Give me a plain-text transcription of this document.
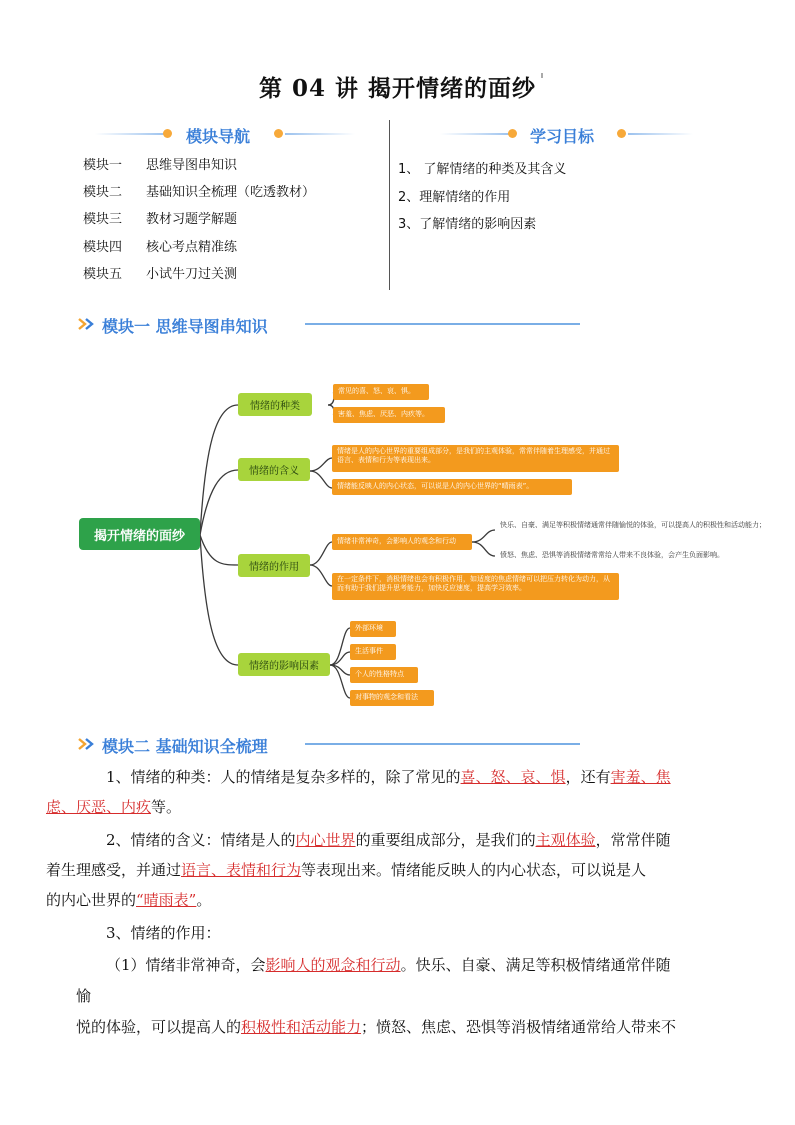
第 04 讲 揭开情绪的面纱
模块导航
模块一 思维导图串知识
模块二 基础知识全梳理（吃透教材）
模块三 教材习题学解题
模块四 核心考点精准练
模块五 小试牛刀过关测
学习目标
1、 了解情绪的种类及其含义
2、理解情绪的作用
3、了解情绪的影响因素
模块一 思维导图串知识
揭开情绪的面纱
情绪的种类
情绪的含义
情绪的作用
情绪的影响因素
常见的喜、怒、哀、惧。
害羞、焦虑、厌恶、内疚等。
情绪是人的内心世界的重要组成部分，是我们的主观体验，常常伴随着生理感受，并通过语言、表情和行为等表现出来。
情绪能反映人的内心状态，可以说是人的内心世界的“晴雨表”。
情绪非常神奇，会影响人的观念和行动
快乐、自豪、满足等积极情绪通常伴随愉悦的体验，可以提高人的积极性和活动能力；
愤怒、焦虑、恐惧等消极情绪常常给人带来不良体验，会产生负面影响。
在一定条件下，消极情绪也会有积极作用，如适度的焦虑情绪可以把压力转化为动力，从而有助于我们提升思考能力，加快反应速度，提高学习效率。
外部环境
生活事件
个人的性格特点
对事物的观念和看法
模块二 基础知识全梳理
1、情绪的种类：人的情绪是复杂多样的，除了常见的喜、怒、哀、惧，还有害羞、焦
虑、厌恶、内疚等。
2、情绪的含义：情绪是人的内心世界的重要组成部分，是我们的主观体验，常常伴随
着生理感受，并通过语言、表情和行为等表现出来。情绪能反映人的内心状态，可以说是人
的内心世界的“晴雨表”。
3、情绪的作用：
（1）情绪非常神奇，会影响人的观念和行动。快乐、自豪、满足等积极情绪通常伴随
愉
悦的体验，可以提高人的积极性和活动能力；愤怒、焦虑、恐惧等消极情绪通常给人带来不
